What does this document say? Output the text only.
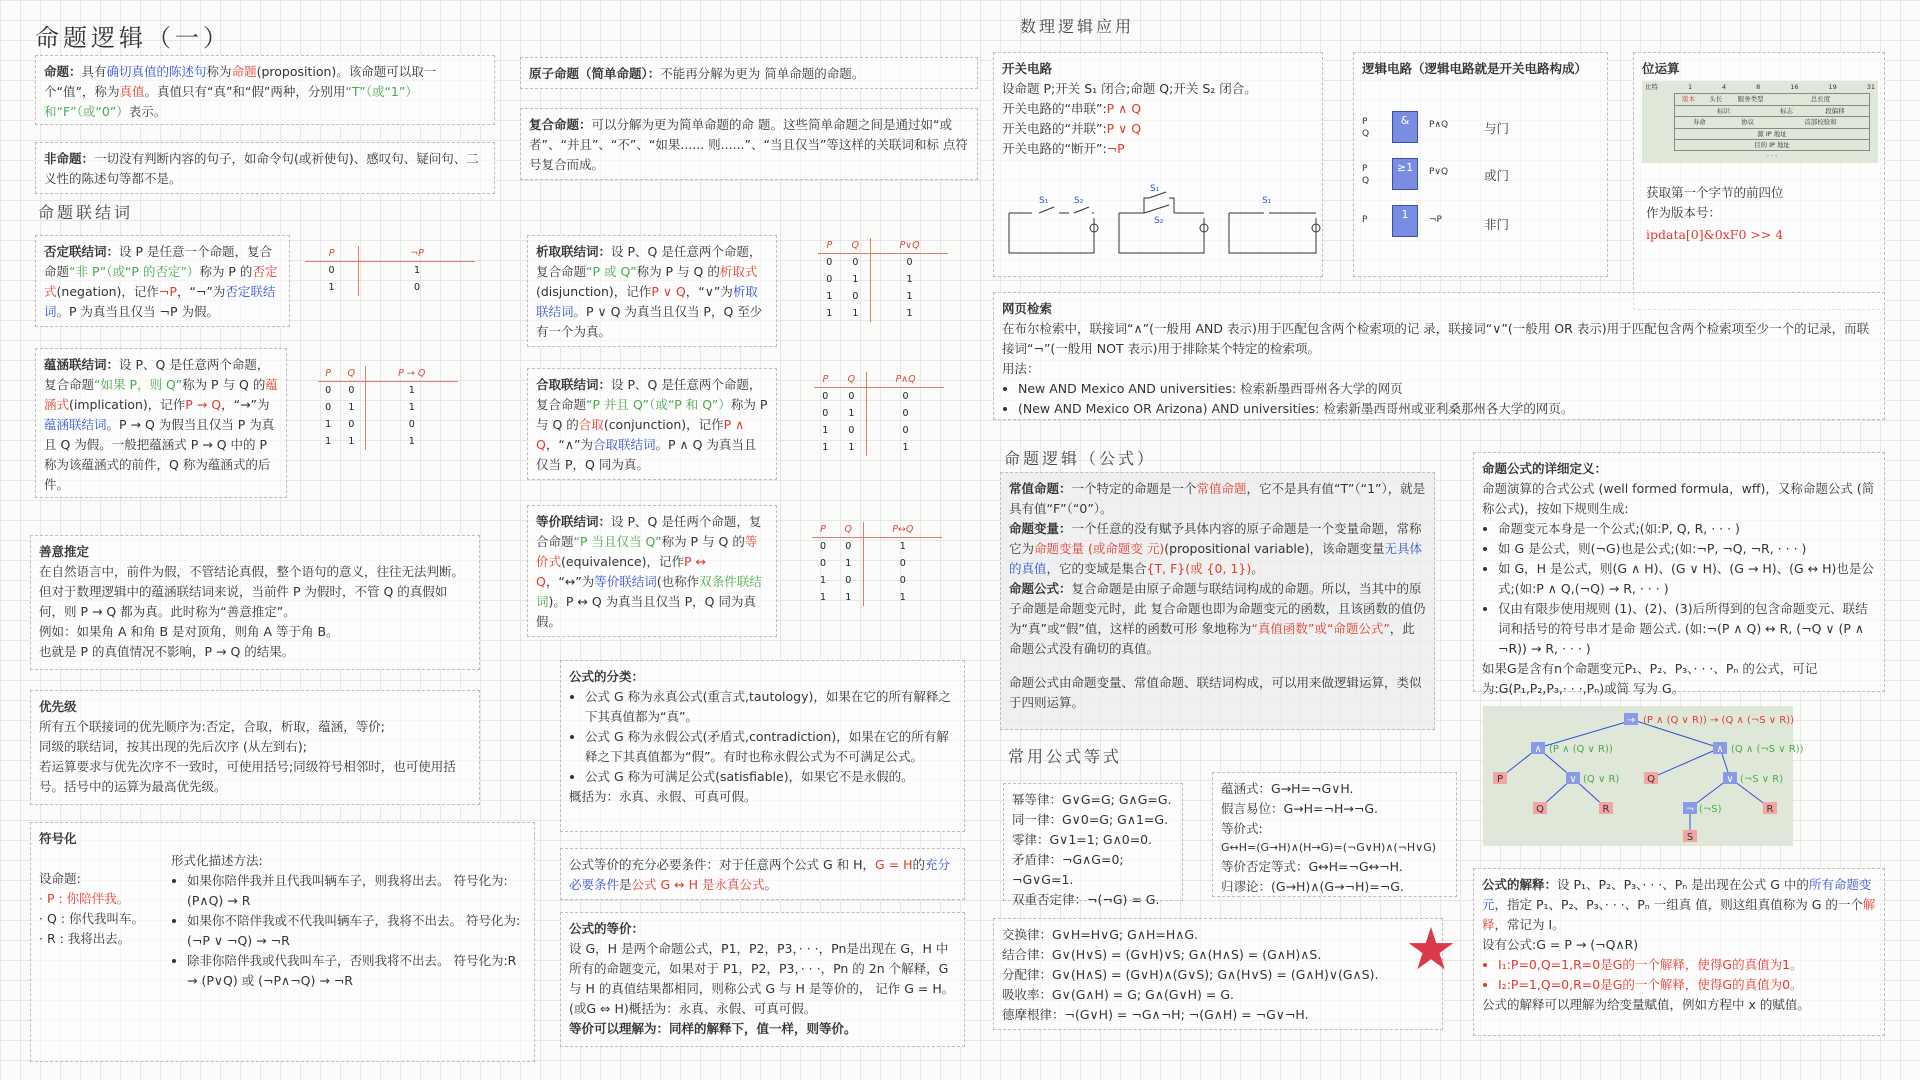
命题逻辑（一）	数理逻辑应用
命题联结词
命题逻辑（公式）
常用公式等式
命题：具有确切真值的陈述句称为命题(proposition)。该命题可以取一个“值”，称为真值。真值只有“真”和“假”两种，分别用“T”（或“1”）和“F”（或“0”）表示。
非命题：一切没有判断内容的句子，如命令句(或祈使句)、感叹句、疑问句、二义性的陈述句等都不是。
原子命题（简单命题）：不能再分解为更为 简单命题的命题。
复合命题：可以分解为更为简单命题的命 题。这些简单命题之间是通过如“或 者”、“并且”、“不”、“如果...... 则......”、“当且仅当”等这样的关联词和标 点符号复合而成。
否定联结词：设 P 是任意一个命题，复合命题“非 P”（或“P 的否定”）称为 P 的否定式(negation)，记作¬P，“¬”为否定联结词。P 为真当且仅当 ¬P 为假。
P	¬P
0	1
1	0
蕴涵联结词：设 P、Q 是任意两个命题，复合命题“如果 P，则 Q”称为 P 与 Q 的蕴涵式(implication)，记作P → Q，“→”为蕴涵联结词。P → Q 为假当且仅当 P 为真且 Q 为假。一般把蕴涵式 P → Q 中的 P 称为该蕴涵式的前件，Q 称为蕴涵式的后件。
P	Q	P → Q
0	0	1
0	1	1
1	0	0
1	1	1
析取联结词：设 P、Q 是任意两个命题，复合命题“P 或 Q”称为 P 与 Q 的析取式(disjunction)，记作P ∨ Q，“∨”为析取联结词。P ∨ Q 为真当且仅当 P，Q 至少有一个为真。
P	Q	P∨Q
0	0	0
0	1	1
1	0	1
1	1	1
合取联结词：设 P、Q 是任意两个命题，复合命题“P 并且 Q”（或“P 和 Q”）称为 P 与 Q 的合取(conjunction)，记作P ∧ Q，“∧”为合取联结词。P ∧ Q 为真当且仅当 P，Q 同为真。
P	Q	P∧Q
0	0	0
0	1	0
1	0	0
1	1	1
等价联结词：设 P、Q 是任两个命题，复合命题“P 当且仅当 Q”称为 P 与 Q 的等价式(equivalence)，记作P ↔ Q，“↔”为等价联结词(也称作双条件联结词)。P ↔ Q 为真当且仅当 P，Q 同为真假。
P	Q	P↔Q
0	0	1
0	1	0
1	0	0
1	1	1
善意推定
在自然语言中，前件为假，不管结论真假，整个语句的意义，往往无法判断。但对于数理逻辑中的蕴涵联结词来说，当前件 P 为假时，不管 Q 的真假如何，则 P → Q 都为真。此时称为“善意推定”。
例如：如果角 A 和角 B 是对顶角，则角 A 等于角 B。
也就是 P 的真值情况不影响，P → Q 的结果。
优先级
所有五个联接词的优先顺序为:否定，合取，析取，蕴涵，等价;
同级的联结词，按其出现的先后次序 (从左到右);
若运算要求与优先次序不一致时，可使用括号;同级符号相邻时，也可使用括号。括号中的运算为最高优先级。
符号化
设命题:
· P : 你陪伴我。
· Q : 你代我叫车。
· R : 我将出去。
形式化描述方法:
• 如果你陪伴我并且代我叫辆车子，则我将出去。 符号化为: (P∧Q) → R
• 如果你不陪伴我或不代我叫辆车子，我将不出去。 符号化为: (¬P ∨ ¬Q) → ¬R
• 除非你陪伴我或代我叫车子，否则我将不出去。 符号化为:R → (P∨Q) 或 (¬P∧¬Q) → ¬R
公式的分类：
• 公式 G 称为永真公式(重言式,tautology)，如果在它的所有解释之下其真值都为“真”。
• 公式 G 称为永假公式(矛盾式,contradiction)，如果在它的所有解释之下其真值都为“假”。有时也称永假公式为不可满足公式。
• 公式 G 称为可满足公式(satisfiable)，如果它不是永假的。
概括为：永真、永假、可真可假。
公式等价的充分必要条件：对于任意两个公式 G 和 H，G = H的充分必要条件是公式 G ↔ H 是永真公式。
公式的等价：
设 G，H 是两个命题公式，P1，P2，P3，· · ·，Pn是出现在 G，H 中所有的命题变元，如果对于 P1，P2，P3，· · ·，Pn 的 2n 个解释，G 与 H 的真值结果都相同，则称公式 G 与 H 是等价的， 记作 G = H。(或G ⇔ H)概括为：永真、永假、可真可假。
等价可以理解为：同样的解释下，值一样，则等价。
开关电路
设命题 P;开关 S₁ 闭合;命题 Q;开关 S₂ 闭合。
开关电路的“串联”:P ∧ Q
开关电路的“并联”:P ∨ Q
开关电路的“断开”:¬P
S₁	S₂
S₁
S₂
S₁
逻辑电路（逻辑电路就是开关电路构成）
&
≥1
1
P
Q
P
Q
P
P∧Q
P∨Q
¬P
与门
或门
非门
位运算
比特	1	4	8	16	19	31
版本	头长	服务类型	总长度
标识	标志	段偏移
寿命	协议	首部校验和
源 IP 地址
目的 IP 地址
· · ·
获取第一个字节的前四位
作为版本号：
ipdata[0]&0xF0 >> 4
网页检索
在布尔检索中，联接词“∧”(一般用 AND 表示)用于匹配包含两个检索项的记 录，联接词“∨”(一般用 OR 表示)用于匹配包含两个检索项至少一个的记录，而联接词“¬”(一般用 NOT 表示)用于排除某个特定的检索项。
用法：
• New AND Mexico AND universities: 检索新墨西哥州各大学的网页
• (New AND Mexico OR Arizona) AND universities: 检索新墨西哥州或亚利桑那州各大学的网页。
常值命题：一个特定的命题是一个常值命题，它不是具有值“T”（“1”），就是具有值“F”（“0”）。
命题变量：一个任意的没有赋予具体内容的原子命题是一个变量命题，常称它为命题变量 (或命题变 元)(propositional variable)，该命题变量无具体的真值，它的变域是集合{T, F}(或 {0, 1})。
命题公式：复合命题是由原子命题与联结词构成的命题。所以，当其中的原子命题是命题变元时，此 复合命题也即为命题变元的函数，且该函数的值仍为“真”或“假”值，这样的函数可形 象地称为“真值函数”或“命题公式”，此命题公式没有确切的真值。
命题公式由命题变量、常值命题、联结词构成，可以用来做逻辑运算，类似于四则运算。
命题公式的详细定义：
命题演算的合式公式 (well formed formula，wff)，又称命题公式 (简称公式)，按如下规则生成:
• 命题变元本身是一个公式;(如:P, Q, R, · · · )
• 如 G 是公式，则(¬G)也是公式;(如:¬P, ¬Q, ¬R, · · · )
• 如 G，H 是公式，则(G ∧ H)、(G ∨ H)、(G → H)、(G ↔ H)也是公式;(如:P ∧ Q,(¬Q) → R, · · · )
• 仅由有限步使用规则 (1)、(2)、(3)后所得到的包含命题变元、联结词和括号的符号串才是命 题公式. (如:¬(P ∧ Q) ↔ R, (¬Q ∨ (P ∧ ¬R)) → R, · · · )
如果G是含有n个命题变元P₁、P₂、P₃、· · ·、Pₙ 的公式，可记为:G(P₁,P₂,P₃,· · ·,Pₙ)或简 写为 G。
→
∧	∧
∨	∨
¬
P
Q	R
Q
R
S
(P ∧ (Q ∨ R)) → (Q ∧ (¬S ∨ R))
(P ∧ (Q ∨ R))	(Q ∧ (¬S ∨ R))
(Q ∨ R)	(¬S ∨ R)
(¬S)
幂等律：G∨G=G; G∧G=G.
同一律：G∨0=G; G∧1=G.
零律：G∨1=1; G∧0=0.
矛盾律：¬G∧G=0; ¬G∨G=1.
双重否定律：¬(¬G) = G.
蕴涵式：G→H=¬G∨H.
假言易位：G→H=¬H→¬G.
等价式:
G↔H=(G→H)∧(H→G)=(¬G∨H)∧(¬H∨G)
等价否定等式：G↔H=¬G↔¬H.
归谬论：(G→H)∧(G→¬H)=¬G.
交换律：G∨H=H∨G; G∧H=H∧G.
结合律：G∨(H∨S) = (G∨H)∨S; G∧(H∧S) = (G∧H)∧S.
分配律：G∨(H∧S) = (G∨H)∧(G∨S); G∧(H∨S) = (G∧H)∨(G∧S).
吸收率：G∨(G∧H) = G; G∧(G∨H) = G.
德摩根律：¬(G∨H) = ¬G∧¬H; ¬(G∧H) = ¬G∨¬H.
★
公式的解释：设 P₁、P₂、P₃、· · ·、Pₙ 是出现在公式 G 中的所有命题变元，指定 P₁、P₂、P₃、· · ·、Pₙ 一组真 值，则这组真值称为 G 的一个解释，常记为 I。
设有公式:G = P → (¬Q∧R)
• I₁:P=0,Q=1,R=0是G的一个解释，使得G的真值为1。
• I₂:P=1,Q=0,R=0是G的一个解释，使得G的真值为0。
公式的解释可以理解为给变量赋值，例如方程中 x 的赋值。
